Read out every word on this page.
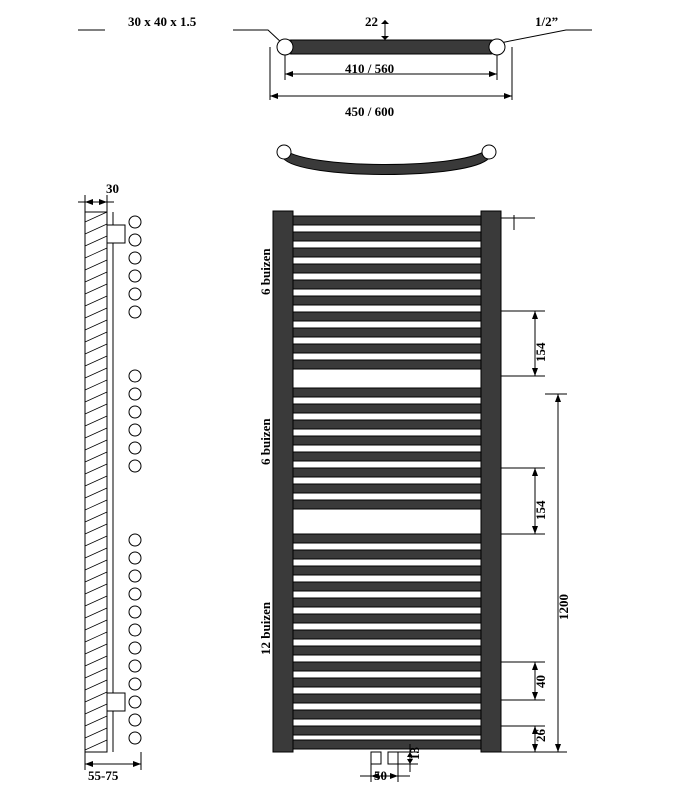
30 x 40 x 1.5	22	1/2”
410 / 560
450 / 600
30
55-75
6 buizen
6 buizen
12 buizen
154
154
1200
40
26
50
13
